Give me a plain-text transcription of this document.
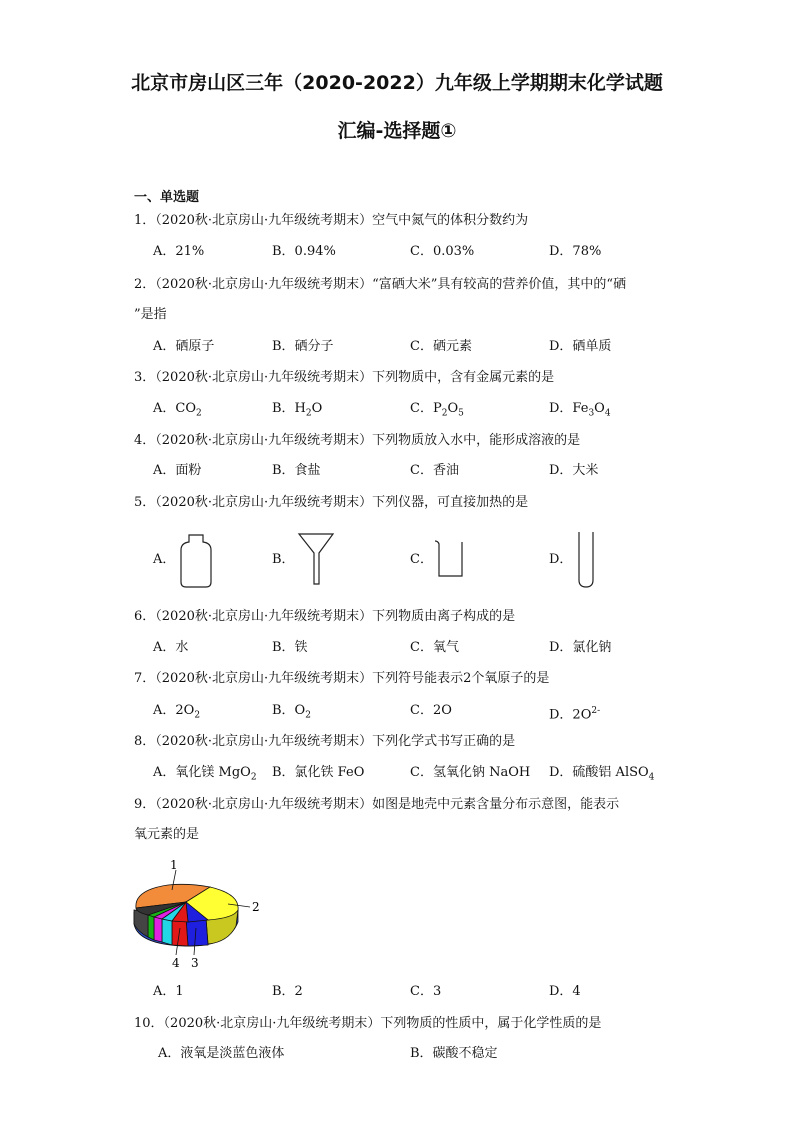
北京市房山区三年（2020-2022）九年级上学期期末化学试题
汇编-选择题①
一、单选题
1．（2020秋·北京房山·九年级统考期末）空气中氮气的体积分数约为
A．21%	B．0.94%	C．0.03%	D．78%
2．（2020秋·北京房山·九年级统考期末）“富硒大米”具有较高的营养价值，其中的“硒
”是指
A．硒原子	B．硒分子	C．硒元素	D．硒单质
3．（2020秋·北京房山·九年级统考期末）下列物质中，含有金属元素的是
A．$CO_2$	B．$H_2O$	C．$P_2O_5$	D．$Fe_3O_4$
4．（2020秋·北京房山·九年级统考期末）下列物质放入水中，能形成溶液的是
A．面粉	B．食盐	C．香油	D．大米
5．（2020秋·北京房山·九年级统考期末）下列仪器，可直接加热的是
A．	B．	C．	D．
6．（2020秋·北京房山·九年级统考期末）下列物质由离子构成的是
A．水	B．铁	C．氧气	D．氯化钠
7．（2020秋·北京房山·九年级统考期末）下列符号能表示2个氧原子的是
A．$2O_2$	B．$O_2$	C．2O	D．$2O^{2-}$
8．（2020秋·北京房山·九年级统考期末）下列化学式书写正确的是
A．氧化镁 MgO$_2$ B．氯化铁 FeO	C．氢氧化钠 NaOH D．硫酸铝 AlSO$_4$
9．（2020秋·北京房山·九年级统考期末）如图是地壳中元素含量分布示意图，能表示
氧元素的是
1
2
4 3
A．1	B．2	C．3	D．4
10．（2020秋·北京房山·九年级统考期末）下列物质的性质中，属于化学性质的是
A．液氧是淡蓝色液体	B．碳酸不稳定
